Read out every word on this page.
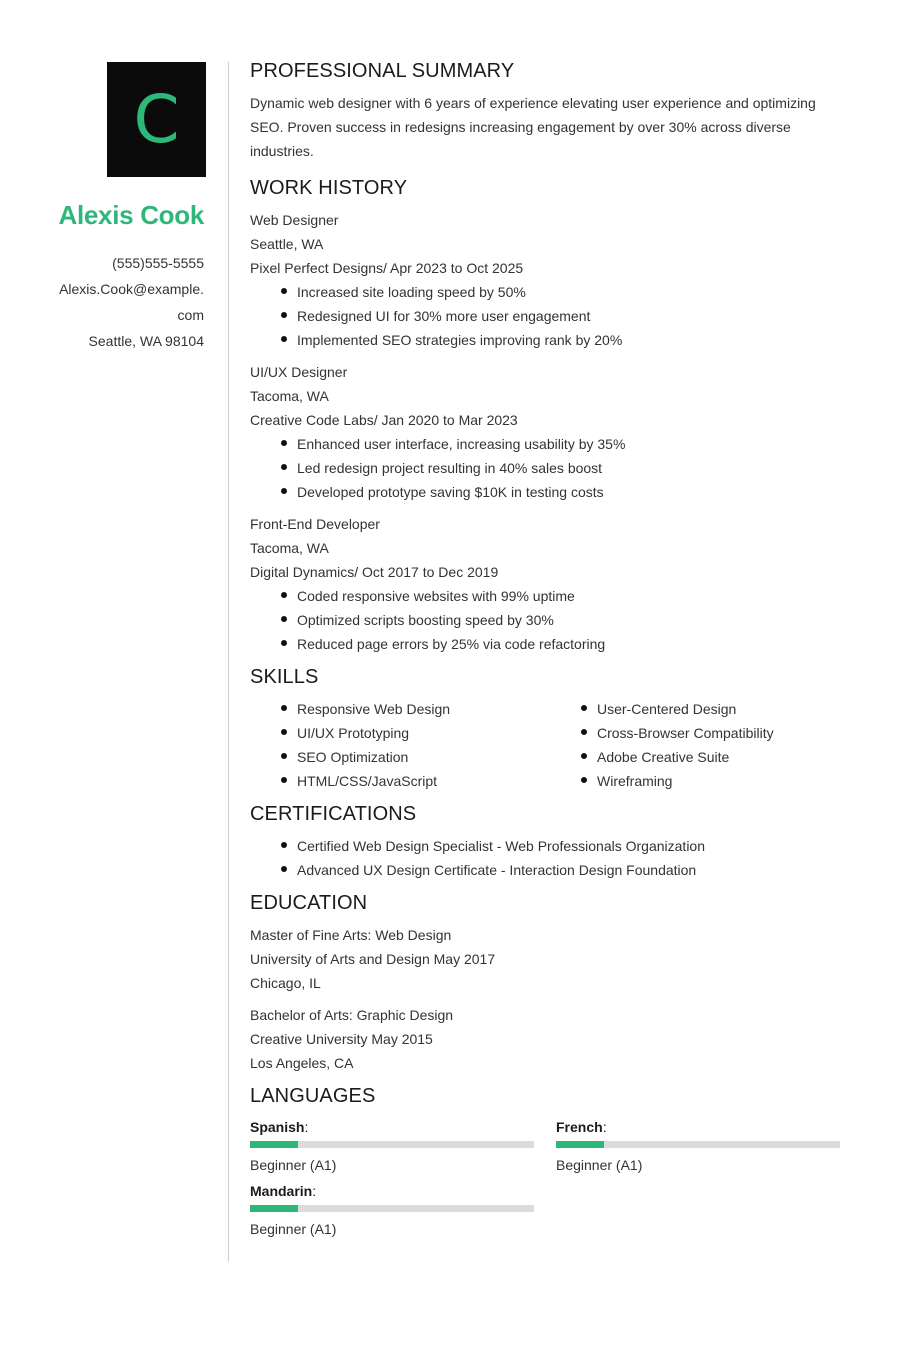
C
Alexis Cook
(555)555-5555
Alexis.Cook@example.
com
Seattle, WA 98104
PROFESSIONAL SUMMARY
Dynamic web designer with 6 years of experience elevating user experience and optimizing SEO. Proven success in redesigns increasing engagement by over 30% across diverse industries.
WORK HISTORY
Web Designer
Seattle, WA
Pixel Perfect Designs/ Apr 2023 to Oct 2025
Increased site loading speed by 50%
Redesigned UI for 30% more user engagement
Implemented SEO strategies improving rank by 20%
UI/UX Designer
Tacoma, WA
Creative Code Labs/ Jan 2020 to Mar 2023
Enhanced user interface, increasing usability by 35%
Led redesign project resulting in 40% sales boost
Developed prototype saving $10K in testing costs
Front-End Developer
Tacoma, WA
Digital Dynamics/ Oct 2017 to Dec 2019
Coded responsive websites with 99% uptime
Optimized scripts boosting speed by 30%
Reduced page errors by 25% via code refactoring
SKILLS
Responsive Web Design
UI/UX Prototyping
SEO Optimization
HTML/CSS/JavaScript
User-Centered Design
Cross-Browser Compatibility
Adobe Creative Suite
Wireframing
CERTIFICATIONS
Certified Web Design Specialist - Web Professionals Organization
Advanced UX Design Certificate - Interaction Design Foundation
EDUCATION
Master of Fine Arts: Web Design
University of Arts and Design May 2017
Chicago, IL
Bachelor of Arts: Graphic Design
Creative University May 2015
Los Angeles, CA
LANGUAGES
Spanish:
Beginner (A1)
French:
Beginner (A1)
Mandarin:
Beginner (A1)
